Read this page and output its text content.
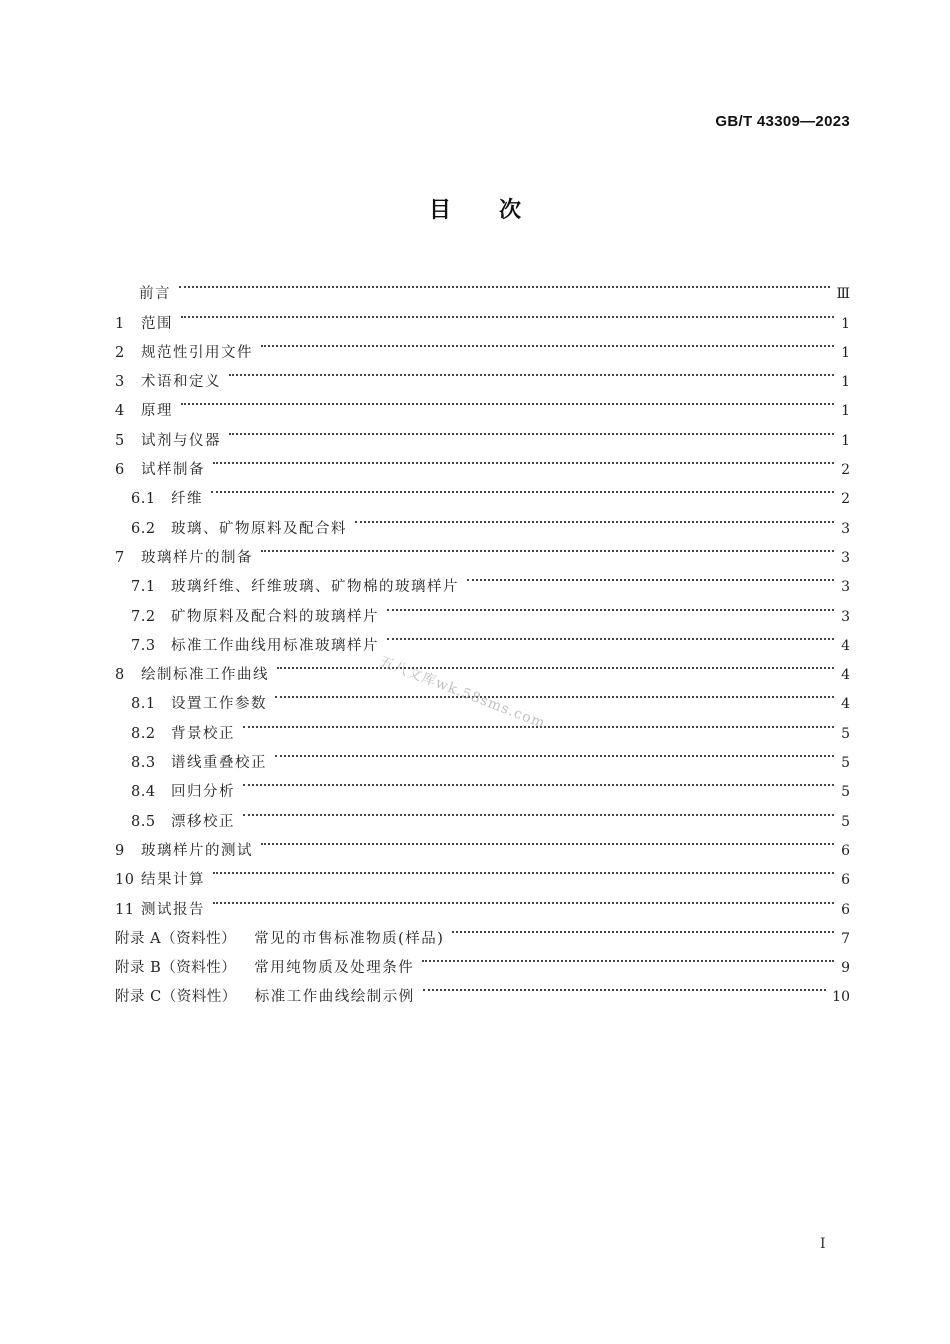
GB/T 43309—2023
目 次
前言	Ⅲ
1	范围	1
2	规范性引用文件	1
3	术语和定义	1
4	原理	1
5	试剂与仪器	1
6	试样制备	2
6.1	纤维	2
6.2	玻璃、矿物原料及配合料	3
7	玻璃样片的制备	3
7.1	玻璃纤维、纤维玻璃、矿物棉的玻璃样片	3
7.2	矿物原料及配合料的玻璃样片	3
7.3	标准工作曲线用标准玻璃样片	4
8	绘制标准工作曲线	4
8.1	设置工作参数	4
8.2	背景校正	5
8.3	谱线重叠校正	5
8.4	回归分析	5
8.5	漂移校正	5
9	玻璃样片的测试	6
10 结果计算	6
11 测试报告	6
附录 A（资料性） 常见的市售标准物质(样品)	7
附录 B（资料性） 常用纯物质及处理条件	9
附录 C（资料性） 标准工作曲线绘制示例	10
五八文库wk.58sms.com
I
